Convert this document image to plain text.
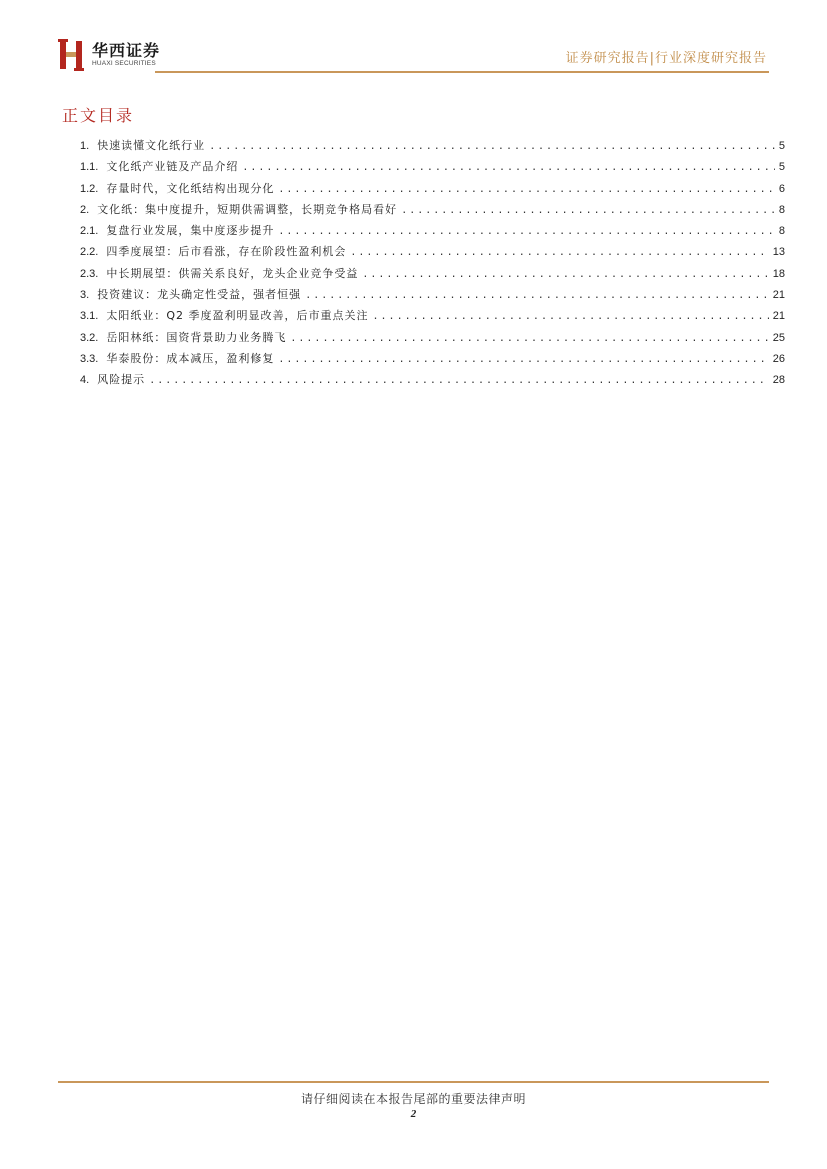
华西证券
HUAXI SECURITIES	证券研究报告|行业深度研究报告
正文目录
1. 快速读懂文化纸行业 .....	5
1.1. 文化纸产业链及产品介绍 .....	5
1.2. 存量时代，文化纸结构出现分化 .....	6
2. 文化纸：集中度提升，短期供需调整，长期竞争格局看好 .....	8
2.1. 复盘行业发展，集中度逐步提升 .....	8
2.2. 四季度展望：后市看涨，存在阶段性盈利机会 .....	13
2.3. 中长期展望：供需关系良好，龙头企业竞争受益 .....	18
3. 投资建议：龙头确定性受益，强者恒强 .....	21
3.1. 太阳纸业：Q2 季度盈利明显改善，后市重点关注 .....	21
3.2. 岳阳林纸：国资背景助力业务腾飞 .....	25
3.3. 华泰股份：成本减压，盈利修复 .....	26
4. 风险提示 .....	28
请仔细阅读在本报告尾部的重要法律声明
2
